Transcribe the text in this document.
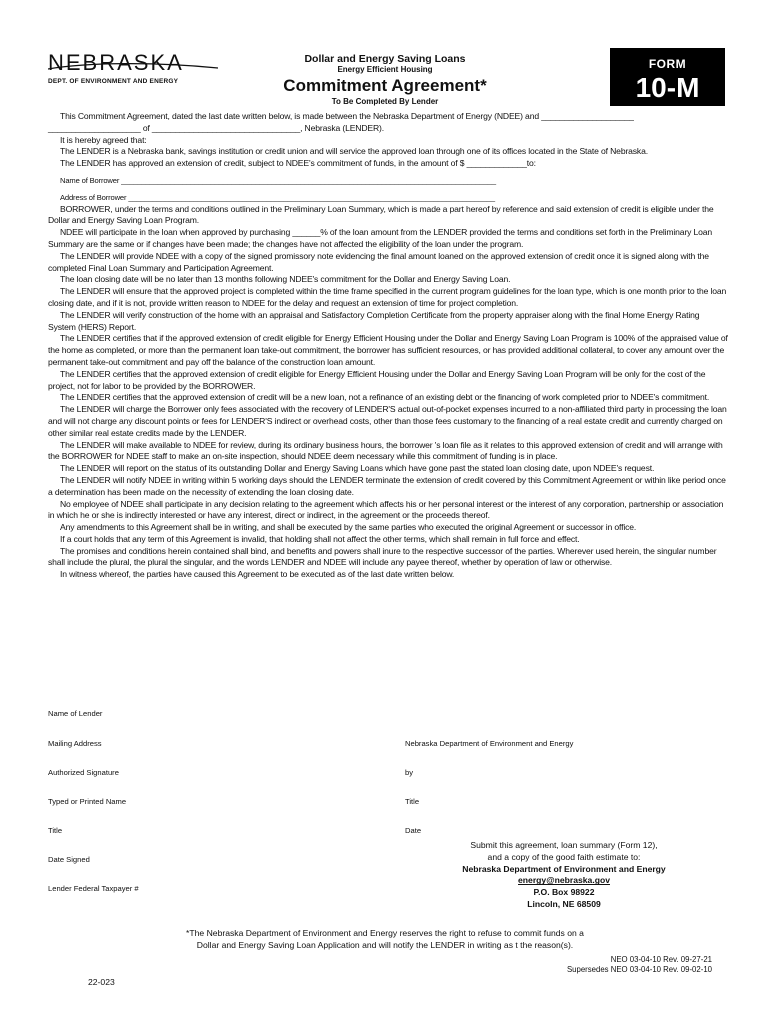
NEBRASKA
DEPT. OF ENVIRONMENT AND ENERGY
Dollar and Energy Saving Loans
Energy Efficient Housing
Commitment Agreement*
To Be Completed By Lender
FORM
10-M

This Commitment Agreement, dated the last date written below, is made between the Nebraska Department of Energy (NDEE) and ____________________

____________________ of ________________________________, Nebraska (LENDER).

It is hereby agreed that:

The LENDER is a Nebraska bank, savings institution or credit union and will service the approved loan through one of its offices located in the State of Nebraska.

The LENDER has approved an extension of credit, subject to NDEE's commitment of funds, in the amount of $ _____________to:

Name of Borrower ____________________________________________________________________________________________

Address of Borrower __________________________________________________________________________________________

BORROWER, under the terms and conditions outlined in the Preliminary Loan Summary, which is made a part hereof by reference and said extension of credit is eligible under the Dollar and Energy Saving Loan Program.

NDEE will participate in the loan when approved by purchasing ______% of the loan amount from the LENDER provided the terms and conditions set forth in the Preliminary Loan Summary are the same or if changes have been made; the changes have not affected the eligibility of the loan under the program.

The LENDER will provide NDEE with a copy of the signed promissory note evidencing the final amount loaned on the approved extension of credit once it is signed along with the completed Final Loan Summary and Participation Agreement.

The loan closing date will be no later than 13 months following NDEE's commitment for the Dollar and Energy Saving Loan.

The LENDER will ensure that the approved project is completed within the time frame specified in the current program guidelines for the loan type, which is one month prior to the loan closing date, and if it is not, provide written reason to NDEE for the delay and request an extension of time for project completion.

The LENDER will verify construction of the home with an appraisal and Satisfactory Completion Certificate from the property appraiser along with the final Home Energy Rating System (HERS) Report.

The LENDER certifies that if the approved extension of credit eligible for Energy Efficient Housing under the Dollar and Energy Saving Loan Program is 100% of the appraised value of the home as completed, or more than the permanent loan take-out commitment, the borrower has sufficient resources, or has provided additional collateral, to cover any amount over the permanent take-out commitment and pay off the balance of the construction loan amount.

The LENDER certifies that the approved extension of credit eligible for Energy Efficient Housing under the Dollar and Energy Saving Loan Program will be only for the cost of the project, not for labor to be provided by the BORROWER.

The LENDER certifies that the approved extension of credit will be a new loan, not a refinance of an existing debt or the financing of work completed prior to NDEE's commitment.

The LENDER will charge the Borrower only fees associated with the recovery of LENDER'S actual out-of-pocket expenses incurred to a non-affiliated third party in processing the loan and will not charge any discount points or fees for LENDER'S indirect or overhead costs, other than those fees customary to the financing of a real estate credit and currently charged on other similar real estate credits made by the LENDER.

The LENDER will make available to NDEE for review, during its ordinary business hours, the borrower 's loan file as it relates to this approved extension of credit and will arrange with the BORROWER for NDEE staff to make an on-site inspection, should NDEE deem necessary while this commitment of funding is in place.

The LENDER will report on the status of its outstanding Dollar and Energy Saving Loans which have gone past the stated loan closing date, upon NDEE's request.

The LENDER will notify NDEE in writing within 5 working days should the LENDER terminate the extension of credit covered by this Commitment Agreement or within like period once a determination has been made on the necessity of extending the loan closing date.

No employee of NDEE shall participate in any decision relating to the agreement which affects his or her personal interest or the interest of any corporation, partnership or association in which he or she is indirectly interested or have any interest, direct or indirect, in the agreement or the proceeds thereof.

Any amendments to this Agreement shall be in writing, and shall be executed by the same parties who executed the original Agreement or successor in office.

If a court holds that any term of this Agreement is invalid, that holding shall not affect the other terms, which shall remain in full force and effect.

The promises and conditions herein contained shall bind, and benefits and powers shall inure to the respective successor of the parties. Wherever used herein, the singular number shall include the plural, the plural the singular, and the words LENDER and NDEE will include any payee thereof, whether by operation of law or otherwise.

In witness whereof, the parties have caused this Agreement to be executed as of the last date written below.

Name of Lender
Mailing Address
Authorized Signature
Typed or Printed Name
Title
Date Signed
Lender Federal Taxpayer #
Nebraska Department of Environment and Energy
by
Title
Date
Submit this agreement, loan summary (Form 12),
and a copy of the good faith estimate to:
Nebraska Department of Environment and Energy
energy@nebraska.gov
P.O. Box 98922
Lincoln, NE 68509
*The Nebraska Department of Environment and Energy reserves the right to refuse to commit funds on a
Dollar and Energy Saving Loan Application and will notify the LENDER in writing as t the reason(s).
NEO 03-04-10 Rev. 09-27-21
Supersedes NEO 03-04-10 Rev. 09-02-10
22-023
